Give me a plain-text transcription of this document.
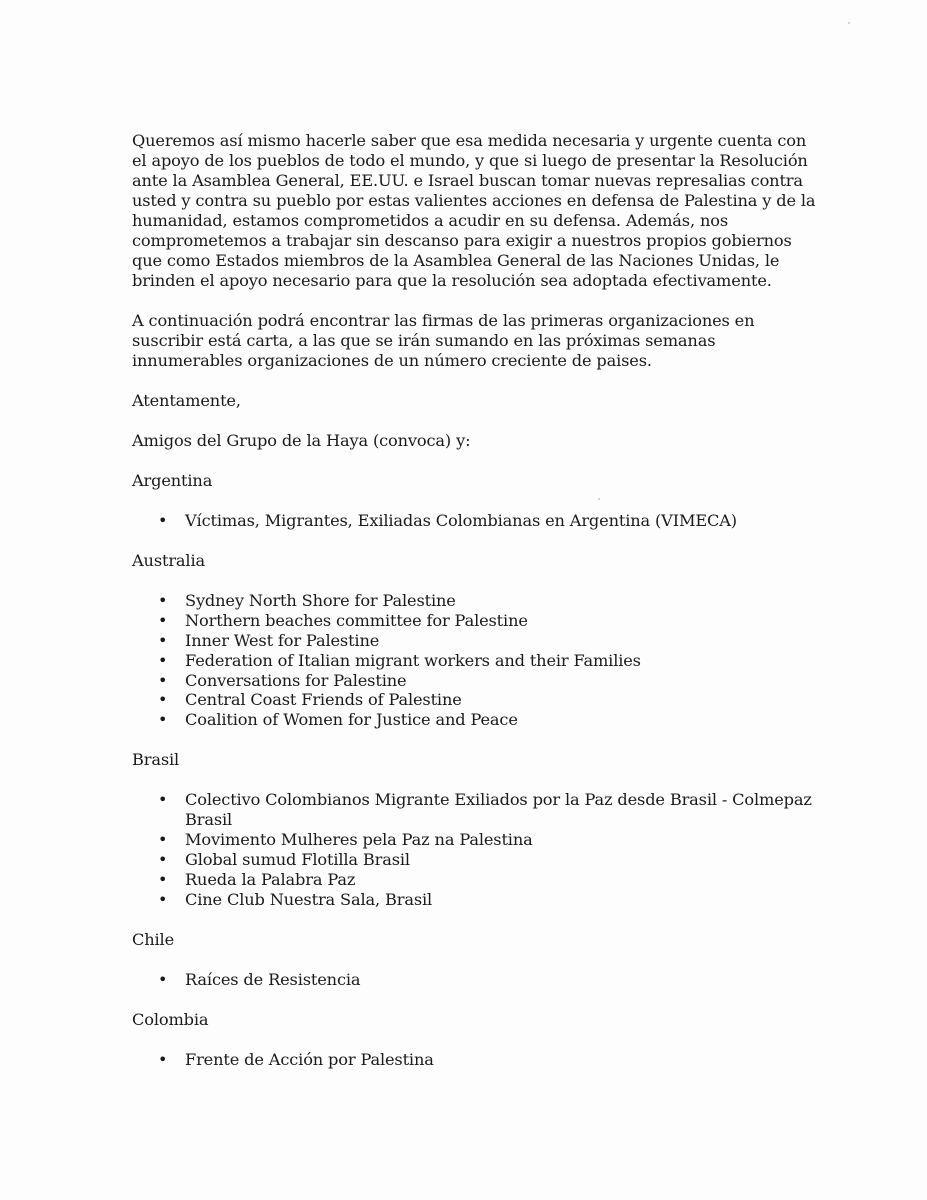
Queremos así mismo hacerle saber que esa medida necesaria y urgente cuenta con el apoyo de los pueblos de todo el mundo, y que si luego de presentar la Resolución ante la Asamblea General, EE.UU. e Israel buscan tomar nuevas represalias contra usted y contra su pueblo por estas valientes acciones en defensa de Palestina y de la humanidad, estamos comprometidos a acudir en su defensa. Además, nos comprometemos a trabajar sin descanso para exigir a nuestros propios gobiernos que como Estados miembros de la Asamblea General de las Naciones Unidas, le brinden el apoyo necesario para que la resolución sea adoptada efectivamente.

A continuación podrá encontrar las firmas de las primeras organizaciones en suscribir está carta, a las que se irán sumando en las próximas semanas innumerables organizaciones de un número creciente de paises.

Atentamente,

Amigos del Grupo de la Haya (convoca) y:

Argentina

• Víctimas, Migrantes, Exiliadas Colombianas en Argentina (VIMECA)

Australia

• Sydney North Shore for Palestine
• Northern beaches committee for Palestine
• Inner West for Palestine
• Federation of Italian migrant workers and their Families
• Conversations for Palestine
• Central Coast Friends of Palestine
• Coalition of Women for Justice and Peace

Brasil

• Colectivo Colombianos Migrante Exiliados por la Paz desde Brasil - Colmepaz Brasil
• Movimento Mulheres pela Paz na Palestina
• Global sumud Flotilla Brasil
• Rueda la Palabra Paz
• Cine Club Nuestra Sala, Brasil

Chile

• Raíces de Resistencia

Colombia

• Frente de Acción por Palestina
